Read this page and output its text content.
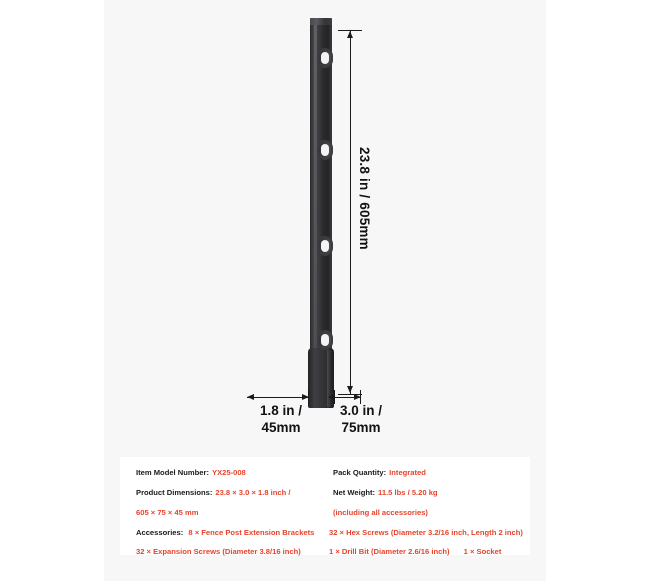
23.8 in / 605mm
1.8 in /
45mm
3.0 in /
75mm
Item Model Number: YX25-008	Pack Quantity: Integrated
Product Dimensions: 23.8 × 3.0 × 1.8 inch /	Net Weight: 11.5 lbs / 5.20 kg
605 × 75 × 45 mm	(including all accessories)
Accessories: 8 × Fence Post Extension Brackets	32 × Hex Screws (Diameter 3.2/16 inch, Length 2 inch)
32 × Expansion Screws (Diameter 3.8/16 inch)	1 × Drill Bit (Diameter 2.6/16 inch) 1 × Socket
